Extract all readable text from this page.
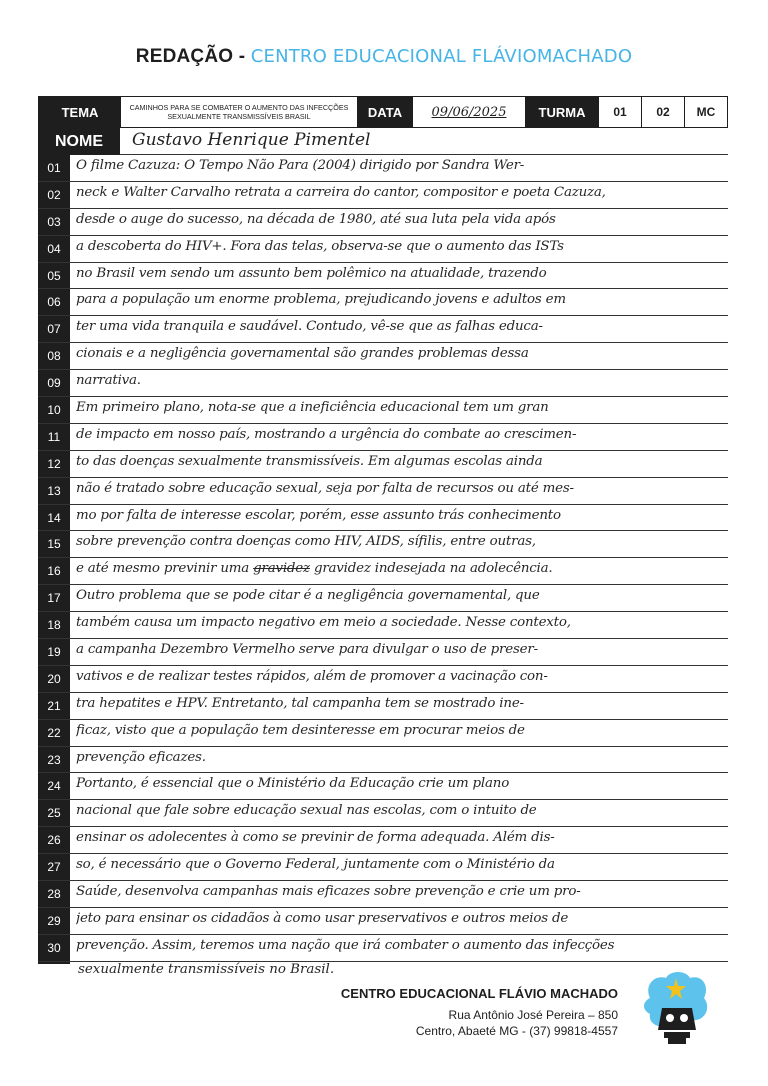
REDAÇÃO - CENTRO EDUCACIONAL FLÁVIOMACHADO
TEMA	CAMINHOS PARA SE COMBATER O AUMENTO DAS INFECÇÕES SEXUALMENTE TRANSMISSÍVEIS BRASIL	DATA	09/06/2025	TURMA	01	02	MC
NOME	Gustavo Henrique Pimentel
01	O filme Cazuza: O Tempo Não Para (2004) dirigido por Sandra Wer-
02	neck e Walter Carvalho retrata a carreira do cantor, compositor e poeta Cazuza,
03	desde o auge do sucesso, na década de 1980, até sua luta pela vida após
04	a descoberta do HIV+. Fora das telas, observa-se que o aumento das ISTs
05	no Brasil vem sendo um assunto bem polêmico na atualidade, trazendo
06	para a população um enorme problema, prejudicando jovens e adultos em
07	ter uma vida tranquila e saudável. Contudo, vê-se que as falhas educa-
08	cionais e a negligência governamental são grandes problemas dessa
09	narrativa.
10	Em primeiro plano, nota-se que a ineficiência educacional tem um gran
11	de impacto em nosso país, mostrando a urgência do combate ao crescimen-
12	to das doenças sexualmente transmissíveis. Em algumas escolas ainda
13	não é tratado sobre educação sexual, seja por falta de recursos ou até mes-
14	mo por falta de interesse escolar, porém, esse assunto trás conhecimento
15	sobre prevenção contra doenças como HIV, AIDS, sífilis, entre outras,
16	e até mesmo previnir uma gravidez gravidez indesejada na adolecência.
17	Outro problema que se pode citar é a negligência governamental, que
18	também causa um impacto negativo em meio a sociedade. Nesse contexto,
19	a campanha Dezembro Vermelho serve para divulgar o uso de preser-
20	vativos e de realizar testes rápidos, além de promover a vacinação con-
21	tra hepatites e HPV. Entretanto, tal campanha tem se mostrado ine-
22	ficaz, visto que a população tem desinteresse em procurar meios de
23	prevenção eficazes.
24	Portanto, é essencial que o Ministério da Educação crie um plano
25	nacional que fale sobre educação sexual nas escolas, com o intuito de
26	ensinar os adolecentes à como se previnir de forma adequada. Além dis-
27	so, é necessário que o Governo Federal, juntamente com o Ministério da
28	Saúde, desenvolva campanhas mais eficazes sobre prevenção e crie um pro-
29	jeto para ensinar os cidadãos à como usar preservativos e outros meios de
30	prevenção. Assim, teremos uma nação que irá combater o aumento das infecções
sexualmente transmissíveis no Brasil.
CENTRO EDUCACIONAL FLÁVIO MACHADO
Rua Antônio José Pereira – 850
Centro, Abaeté MG - (37) 99818-4557
